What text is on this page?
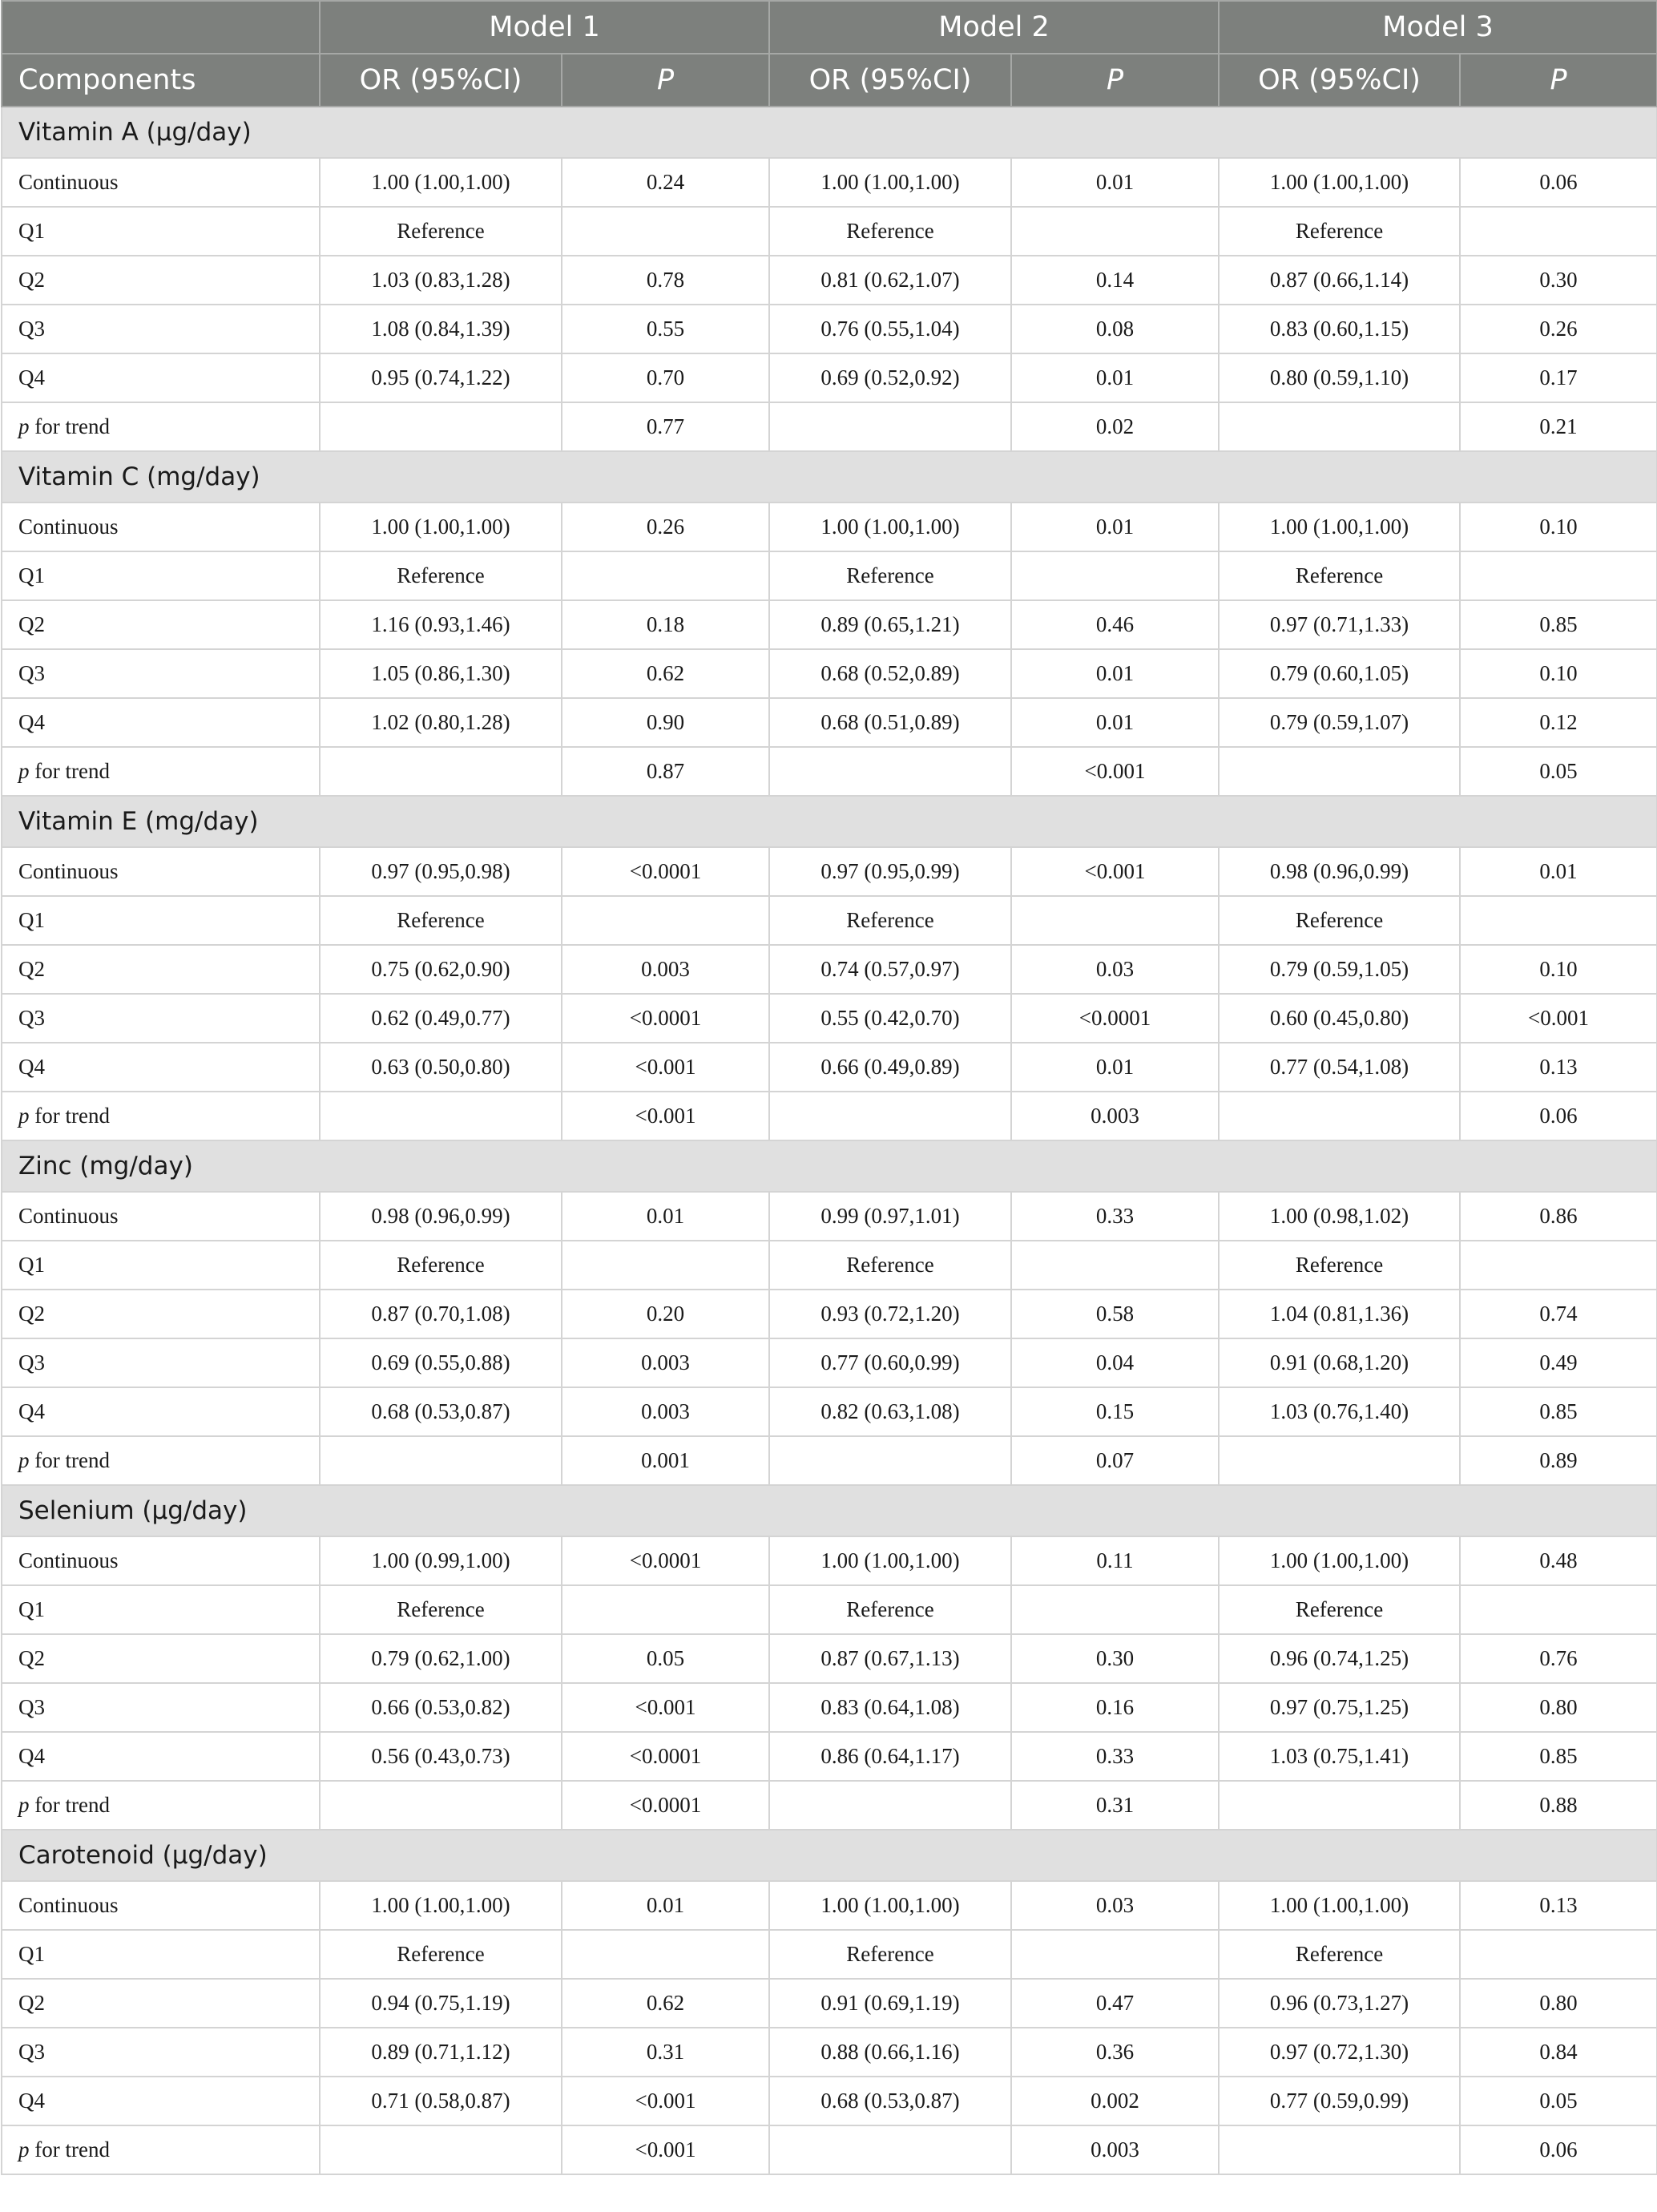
	Model 1		Model 2		Model 3	
Components	OR (95%CI)	P	OR (95%CI)	P	OR (95%CI)	P
Vitamin A (μg/day)						
Continuous	1.00 (1.00,1.00)	0.24	1.00 (1.00,1.00)	0.01	1.00 (1.00,1.00)	0.06
Q1	Reference		Reference		Reference	
Q2	1.03 (0.83,1.28)	0.78	0.81 (0.62,1.07)	0.14	0.87 (0.66,1.14)	0.30
Q3	1.08 (0.84,1.39)	0.55	0.76 (0.55,1.04)	0.08	0.83 (0.60,1.15)	0.26
Q4	0.95 (0.74,1.22)	0.70	0.69 (0.52,0.92)	0.01	0.80 (0.59,1.10)	0.17
p for trend		0.77		0.02		0.21
Vitamin C (mg/day)						
Continuous	1.00 (1.00,1.00)	0.26	1.00 (1.00,1.00)	0.01	1.00 (1.00,1.00)	0.10
Q1	Reference		Reference		Reference	
Q2	1.16 (0.93,1.46)	0.18	0.89 (0.65,1.21)	0.46	0.97 (0.71,1.33)	0.85
Q3	1.05 (0.86,1.30)	0.62	0.68 (0.52,0.89)	0.01	0.79 (0.60,1.05)	0.10
Q4	1.02 (0.80,1.28)	0.90	0.68 (0.51,0.89)	0.01	0.79 (0.59,1.07)	0.12
p for trend		0.87		<0.001		0.05
Vitamin E (mg/day)						
Continuous	0.97 (0.95,0.98)	<0.0001	0.97 (0.95,0.99)	<0.001	0.98 (0.96,0.99)	0.01
Q1	Reference		Reference		Reference	
Q2	0.75 (0.62,0.90)	0.003	0.74 (0.57,0.97)	0.03	0.79 (0.59,1.05)	0.10
Q3	0.62 (0.49,0.77)	<0.0001	0.55 (0.42,0.70)	<0.0001	0.60 (0.45,0.80)	<0.001
Q4	0.63 (0.50,0.80)	<0.001	0.66 (0.49,0.89)	0.01	0.77 (0.54,1.08)	0.13
p for trend		<0.001		0.003		0.06
Zinc (mg/day)						
Continuous	0.98 (0.96,0.99)	0.01	0.99 (0.97,1.01)	0.33	1.00 (0.98,1.02)	0.86
Q1	Reference		Reference		Reference	
Q2	0.87 (0.70,1.08)	0.20	0.93 (0.72,1.20)	0.58	1.04 (0.81,1.36)	0.74
Q3	0.69 (0.55,0.88)	0.003	0.77 (0.60,0.99)	0.04	0.91 (0.68,1.20)	0.49
Q4	0.68 (0.53,0.87)	0.003	0.82 (0.63,1.08)	0.15	1.03 (0.76,1.40)	0.85
p for trend		0.001		0.07		0.89
Selenium (μg/day)						
Continuous	1.00 (0.99,1.00)	<0.0001	1.00 (1.00,1.00)	0.11	1.00 (1.00,1.00)	0.48
Q1	Reference		Reference		Reference	
Q2	0.79 (0.62,1.00)	0.05	0.87 (0.67,1.13)	0.30	0.96 (0.74,1.25)	0.76
Q3	0.66 (0.53,0.82)	<0.001	0.83 (0.64,1.08)	0.16	0.97 (0.75,1.25)	0.80
Q4	0.56 (0.43,0.73)	<0.0001	0.86 (0.64,1.17)	0.33	1.03 (0.75,1.41)	0.85
p for trend		<0.0001		0.31		0.88
Carotenoid (μg/day)						
Continuous	1.00 (1.00,1.00)	0.01	1.00 (1.00,1.00)	0.03	1.00 (1.00,1.00)	0.13
Q1	Reference		Reference		Reference	
Q2	0.94 (0.75,1.19)	0.62	0.91 (0.69,1.19)	0.47	0.96 (0.73,1.27)	0.80
Q3	0.89 (0.71,1.12)	0.31	0.88 (0.66,1.16)	0.36	0.97 (0.72,1.30)	0.84
Q4	0.71 (0.58,0.87)	<0.001	0.68 (0.53,0.87)	0.002	0.77 (0.59,0.99)	0.05
p for trend		<0.001		0.003		0.06
